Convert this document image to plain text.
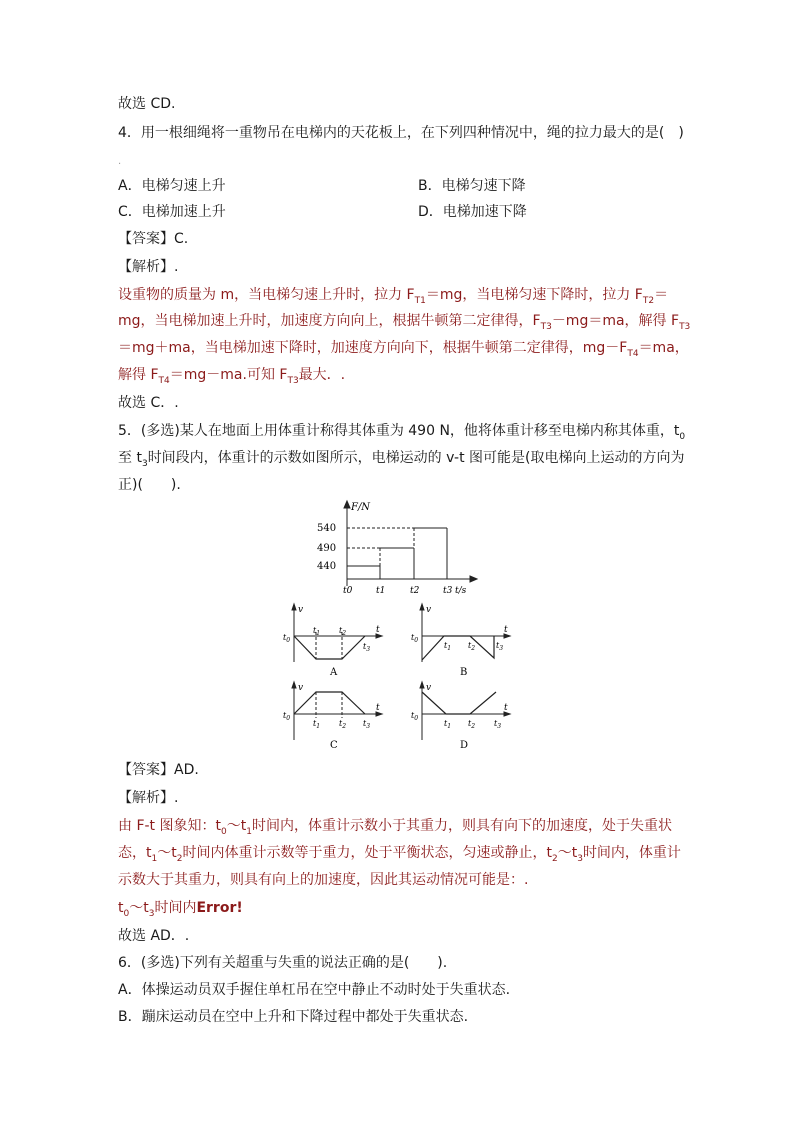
故选 CD.
4．用一根细绳将一重物吊在电梯内的天花板上，在下列四种情况中，绳的拉力最大的是(　)
.
A．电梯匀速上升	B．电梯匀速下降
C．电梯加速上升	D．电梯加速下降
【答案】C.
【解析】.
设重物的质量为 m，当电梯匀速上升时，拉力 $F_{T1}=mg$，当电梯匀速下降时，拉力 $F_{T2}=$
mg，当电梯加速上升时，加速度方向向上，根据牛顿第二定律得，$F_{T3}-mg=ma$，解得 $F_{T3}$
＝mg＋ma，当电梯加速下降时，加速度方向向下，根据牛顿第二定律得，$mg-F_{T4}=ma$，
解得 $F_{T4}=mg-ma$.可知 $F_{T3}$最大．.
故选 C．.
5．(多选)某人在地面上用体重计称得其体重为 490 N，他将体重计移至电梯内称其体重，$t_0$
至 $t_3$时间段内，体重计的示数如图所示，电梯运动的 v-t 图可能是(取电梯向上运动的方向为
正)(　　).
F/N
540
490
440
t0	t1	t2	t3 t/s
v
$t_0$
$t_1$ $t_2$
$t_3$
t
A
v
$t_0$
$t_1$ $t_2$	$t_3$
t
B
v
$t_0$
$t_1$ $t_2$ $t_3$
t
C
v
$t_0$
$t_1$ $t_2$ $t_3$
t
D
【答案】AD.
【解析】.
由 F-t 图象知：$t_0\sim t_1$时间内，体重计示数小于其重力，则具有向下的加速度，处于失重状
态，$t_1\sim t_2$时间内体重计示数等于重力，处于平衡状态，匀速或静止，$t_2\sim t_3$时间内，体重计
示数大于其重力，则具有向上的加速度，因此其运动情况可能是：.
$t_0\sim t_3$时间内Error!
故选 AD．.
6．(多选)下列有关超重与失重的说法正确的是(　　).
A．体操运动员双手握住单杠吊在空中静止不动时处于失重状态.
B．蹦床运动员在空中上升和下降过程中都处于失重状态.
